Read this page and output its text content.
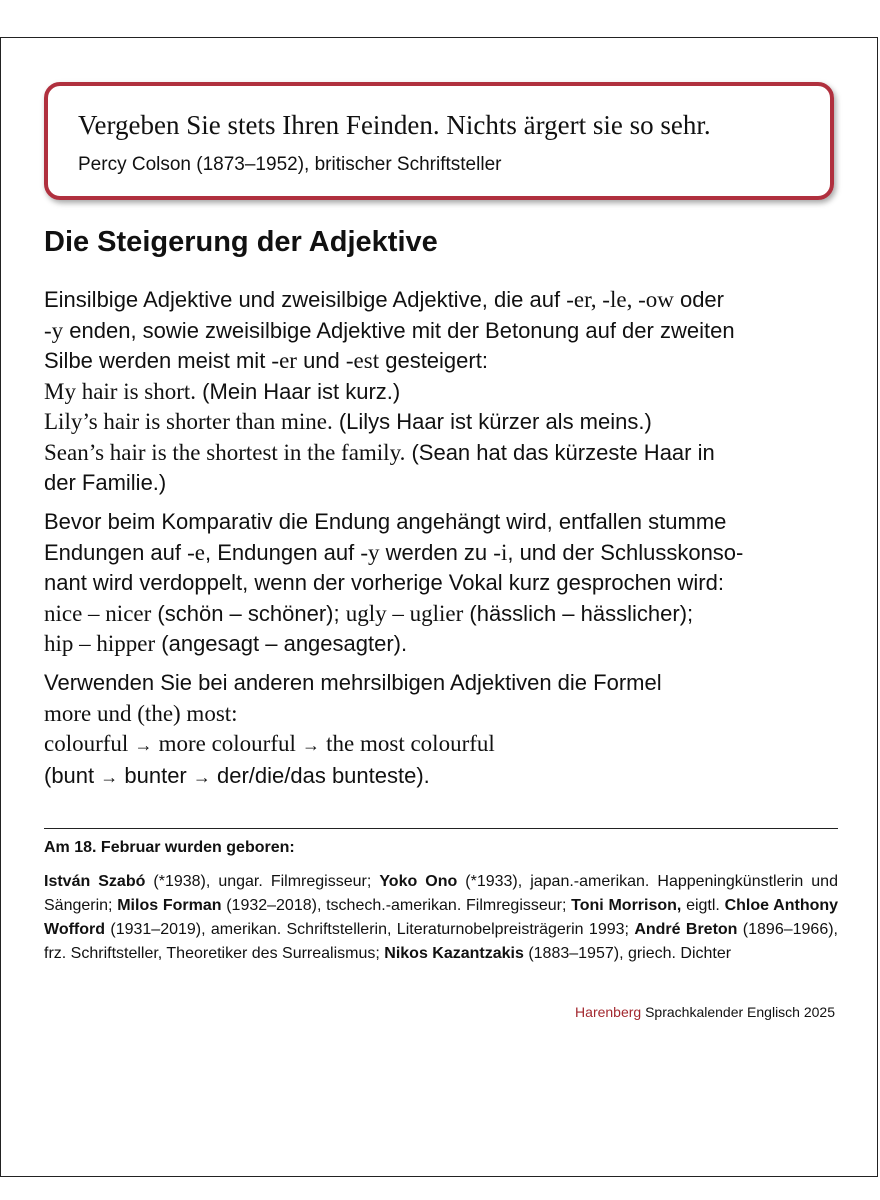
Vergeben Sie stets Ihren Feinden. Nichts ärgert sie so sehr.

Percy Colson (1873–1952), britischer Schriftsteller

Die Steigerung der Adjektive

Einsilbige Adjektive und zweisilbige Adjektive, die auf -er, -le, -ow oder

-y enden, sowie zweisilbige Adjektive mit der Betonung auf der zweiten

Silbe werden meist mit -er und -est gesteigert:

My hair is short. (Mein Haar ist kurz.)

Lily’s hair is shorter than mine. (Lilys Haar ist kürzer als meins.)

Sean’s hair is the shortest in the family. (Sean hat das kürzeste Haar in

der Familie.)

Bevor beim Komparativ die Endung angehängt wird, entfallen stumme

Endungen auf -e, Endungen auf -y werden zu -i, und der Schlusskonso-

nant wird verdoppelt, wenn der vorherige Vokal kurz gesprochen wird:

nice – nicer (schön – schöner); ugly – uglier (hässlich – hässlicher);

hip – hipper (angesagt – angesagter).

Verwenden Sie bei anderen mehrsilbigen Adjektiven die Formel

more und (the) most:

colourful → more colourful → the most colourful

(bunt → bunter → der/die/das bunteste).

Am 18. Februar wurden geboren:

István Szabó (*1938), ungar. Filmregisseur; Yoko Ono (*1933), japan.-amerikan. Happeningkünstlerin und Sängerin; Milos Forman (1932–2018), tschech.-amerikan. Filmregisseur; Toni Morrison, eigtl. Chloe Anthony Wofford (1931–2019), amerikan. Schriftstellerin, Literaturnobelpreisträgerin 1993; André Breton (1896–1966), frz. Schriftsteller, Theoretiker des Surrealismus; Nikos Kazantzakis (1883–1957), griech. Dichter

Harenberg Sprachkalender Englisch 2025
